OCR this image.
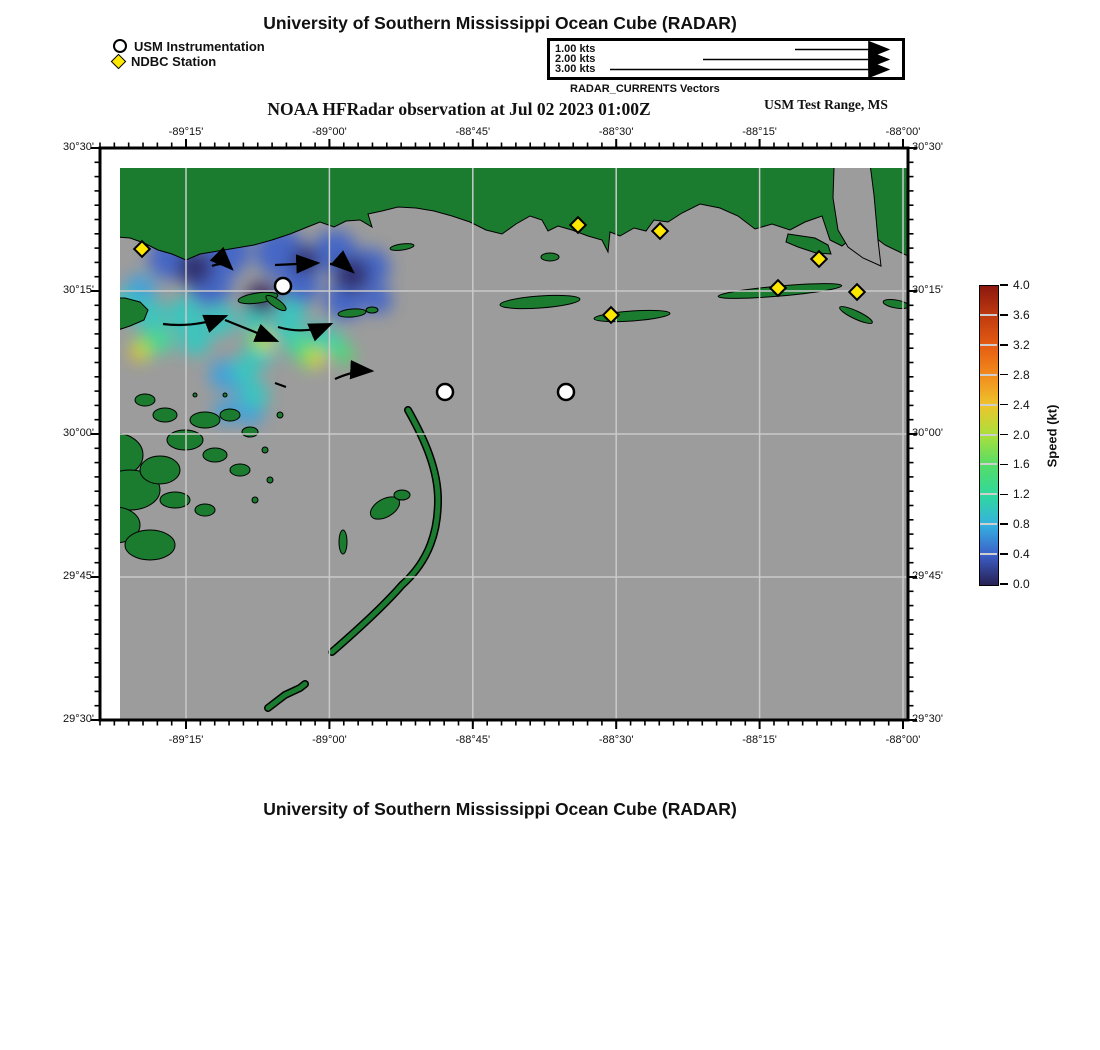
University of Southern Mississippi Ocean Cube (RADAR)
USM Instrumentation
NDBC Station
1.00 kts
2.00 kts
3.00 kts
RADAR_CURRENTS Vectors
NOAA HFRadar observation at Jul 02 2023 01:00Z	USM Test Range, MS
-89°15'
-89°15'
-89°00'
-89°00'
-88°45'
-88°45'
-88°30'
-88°30'
-88°15'
-88°15'
-88°00'
-88°00'
30°30'	30°30'
30°15'	30°15'
30°00'	30°00'
29°45'	29°45'
29°30'	29°30'
4.0
3.6
3.2
2.8
2.4
2.0
1.6
1.2
0.8
0.4
0.0
Speed (kt)
University of Southern Mississippi Ocean Cube (RADAR)
